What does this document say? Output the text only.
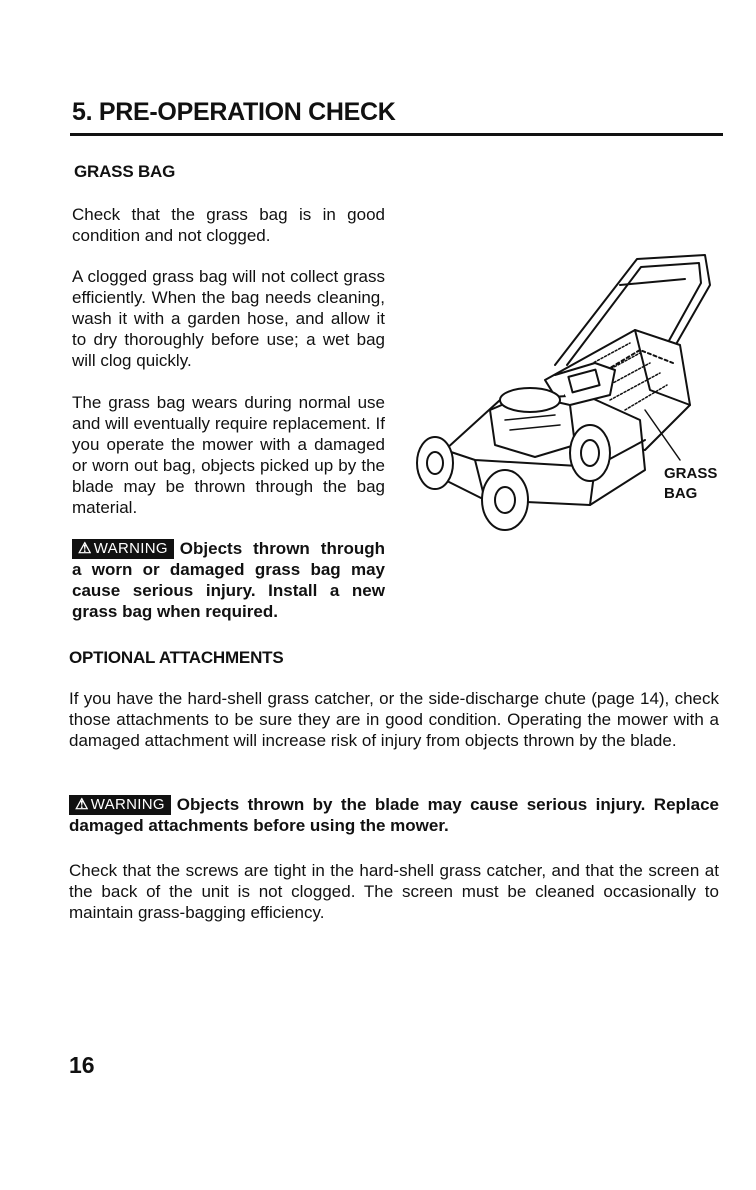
5. PRE-OPERATION CHECK
GRASS BAG

Check that the grass bag is in good condition and not clogged.

A clogged grass bag will not collect grass efficiently. When the bag needs cleaning, wash it with a garden hose, and allow it to dry thoroughly before use; a wet bag will clog quickly.

The grass bag wears during normal use and will eventually require replacement. If you operate the mower with a damaged or worn out bag, objects picked up by the blade may be thrown through the bag material.

⚠ WARNING Objects thrown through a worn or damaged grass bag may cause serious injury. Install a new grass bag when required.

GRASS
BAG
OPTIONAL ATTACHMENTS

If you have the hard-shell grass catcher, or the side-discharge chute (page 14), check those attachments to be sure they are in good condition. Operating the mower with a damaged attachment will increase risk of injury from objects thrown by the blade.

⚠ WARNING Objects thrown by the blade may cause serious injury. Replace damaged attachments before using the mower.

Check that the screws are tight in the hard-shell grass catcher, and that the screen at the back of the unit is not clogged. The screen must be cleaned occasionally to maintain grass-bagging efficiency.

16
